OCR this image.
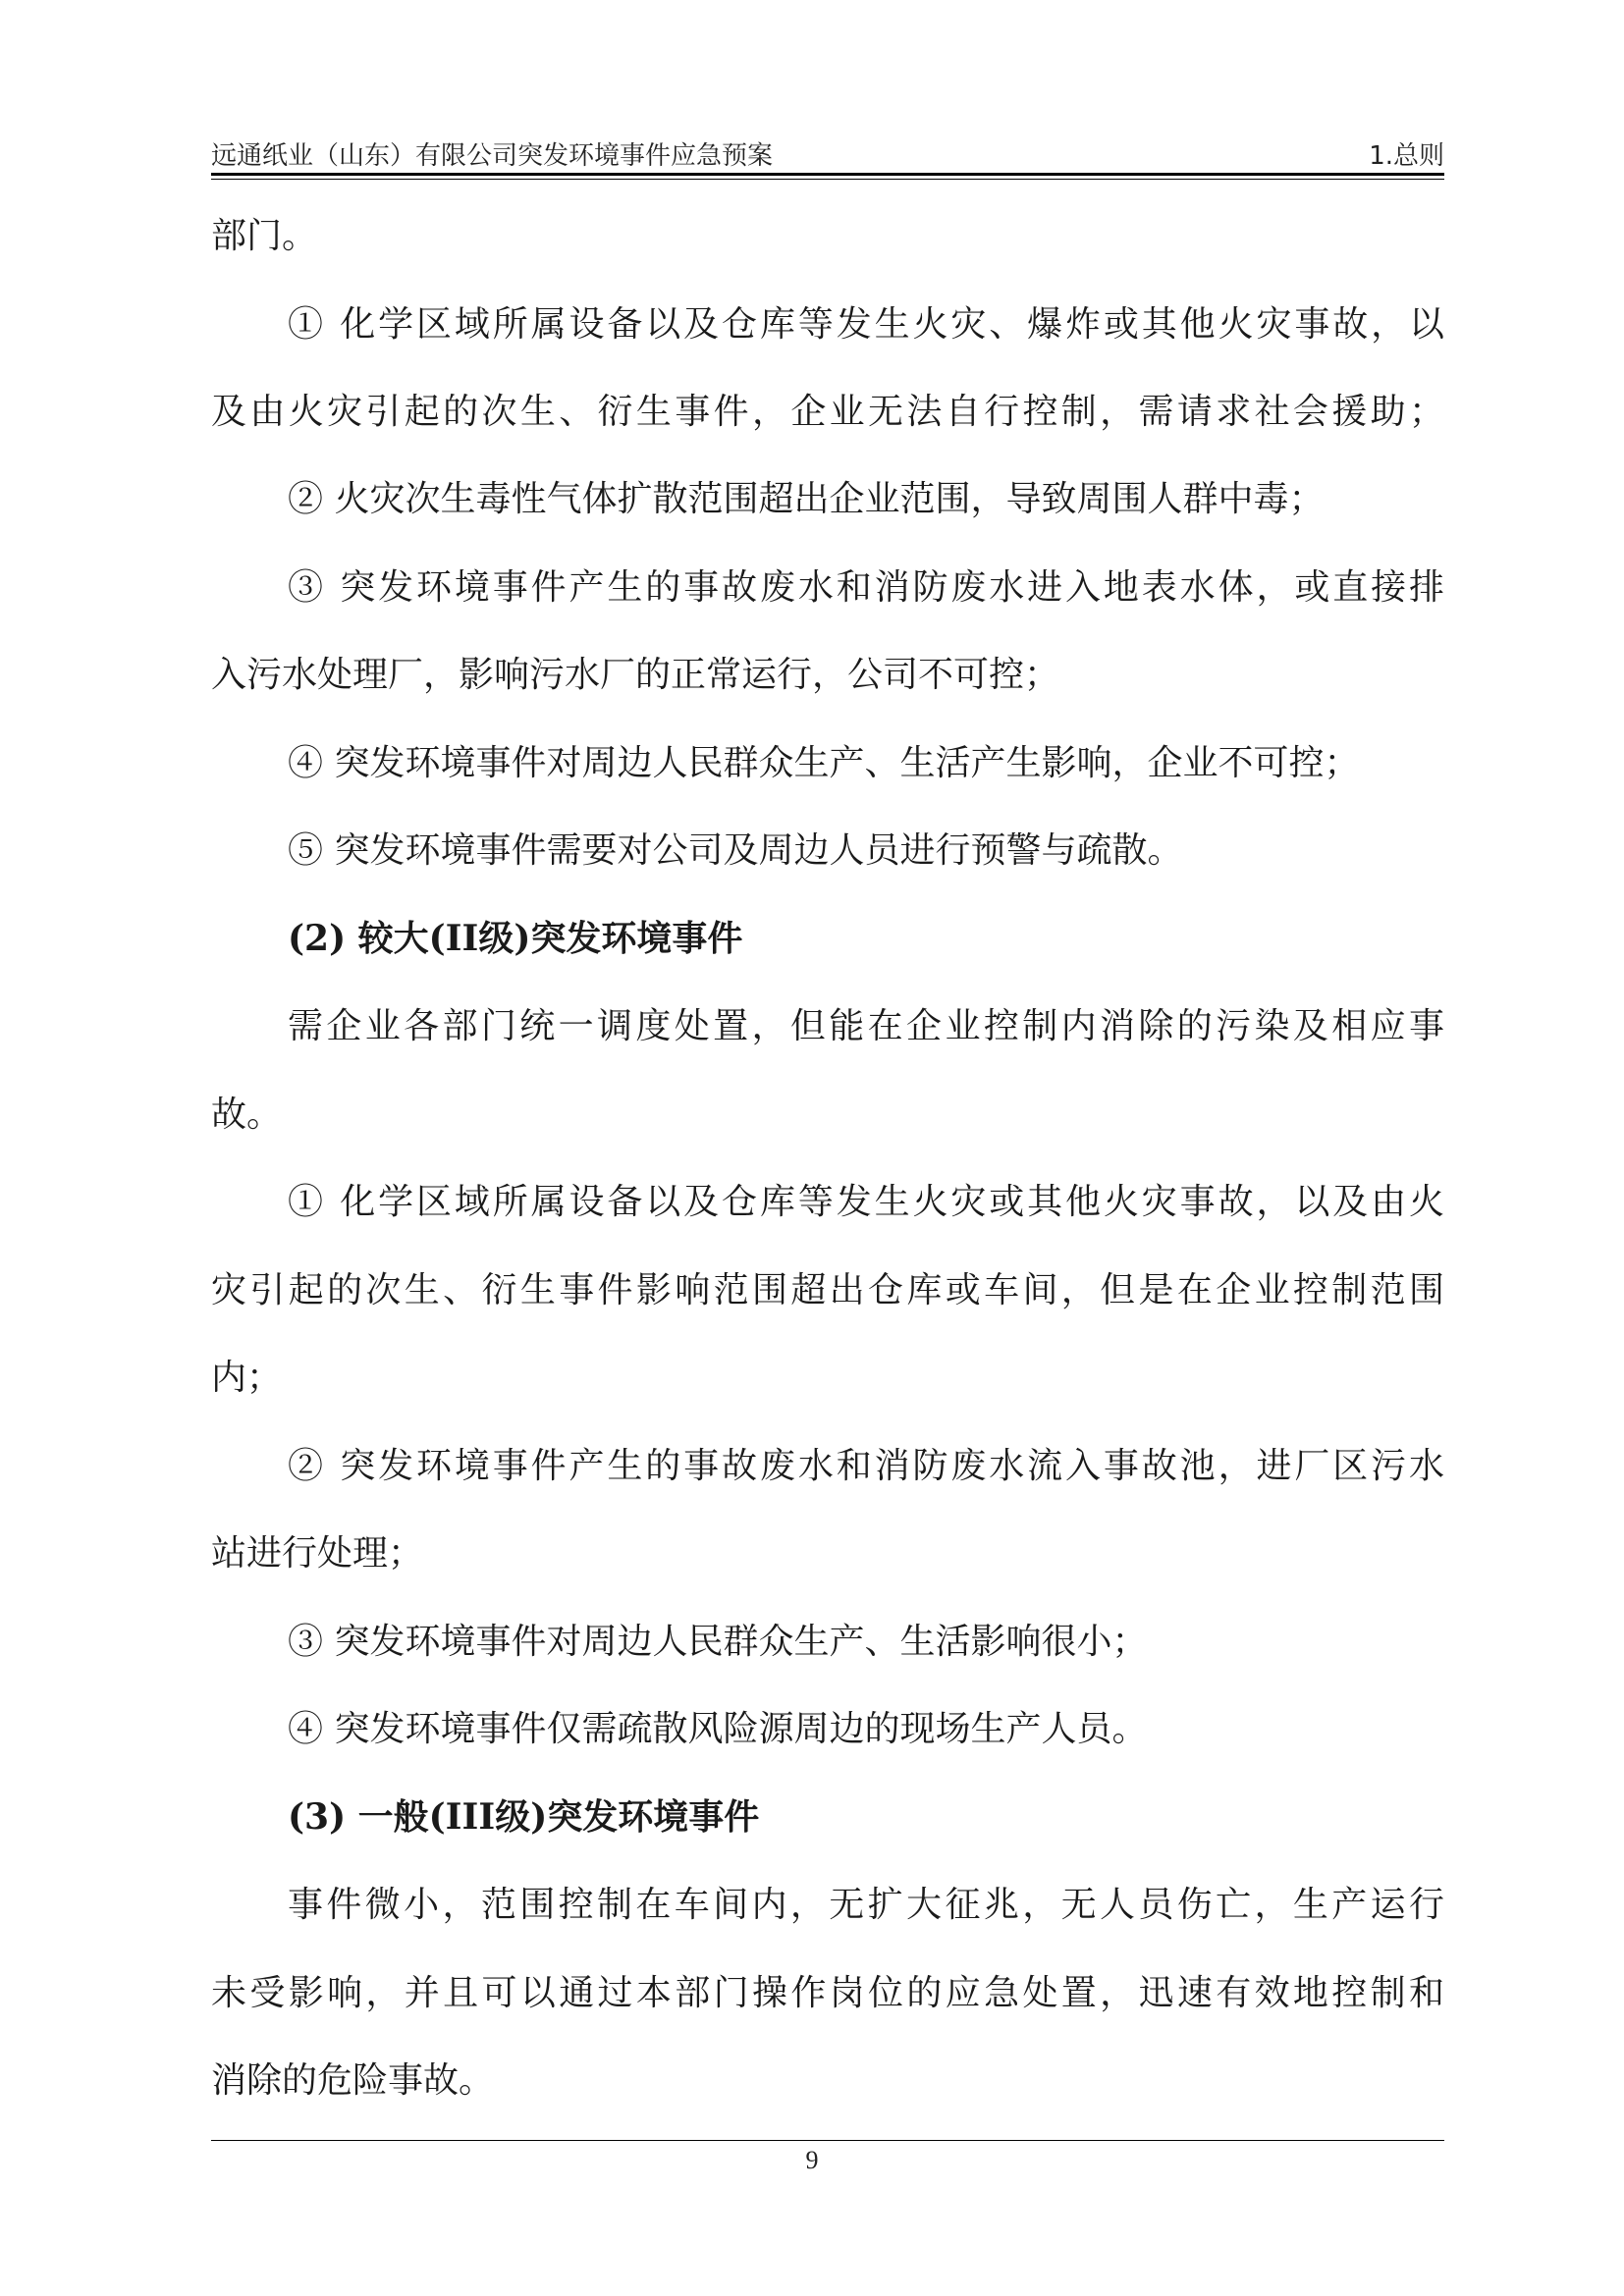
远通纸业（山东）有限公司突发环境事件应急预案	1.总则
部门。
① 化学区域所属设备以及仓库等发生火灾、爆炸或其他火灾事故，以
及由火灾引起的次生、衍生事件，企业无法自行控制，需请求社会援助；
② 火灾次生毒性气体扩散范围超出企业范围，导致周围人群中毒；
③ 突发环境事件产生的事故废水和消防废水进入地表水体，或直接排
入污水处理厂，影响污水厂的正常运行，公司不可控；
④ 突发环境事件对周边人民群众生产、生活产生影响，企业不可控；
⑤ 突发环境事件需要对公司及周边人员进行预警与疏散。
(2) 较大(II级)突发环境事件
需企业各部门统一调度处置，但能在企业控制内消除的污染及相应事
故。
① 化学区域所属设备以及仓库等发生火灾或其他火灾事故，以及由火
灾引起的次生、衍生事件影响范围超出仓库或车间，但是在企业控制范围
内；
② 突发环境事件产生的事故废水和消防废水流入事故池，进厂区污水
站进行处理；
③ 突发环境事件对周边人民群众生产、生活影响很小；
④ 突发环境事件仅需疏散风险源周边的现场生产人员。
(3) 一般(III级)突发环境事件
事件微小，范围控制在车间内，无扩大征兆，无人员伤亡，生产运行
未受影响，并且可以通过本部门操作岗位的应急处置，迅速有效地控制和
消除的危险事故。
9
